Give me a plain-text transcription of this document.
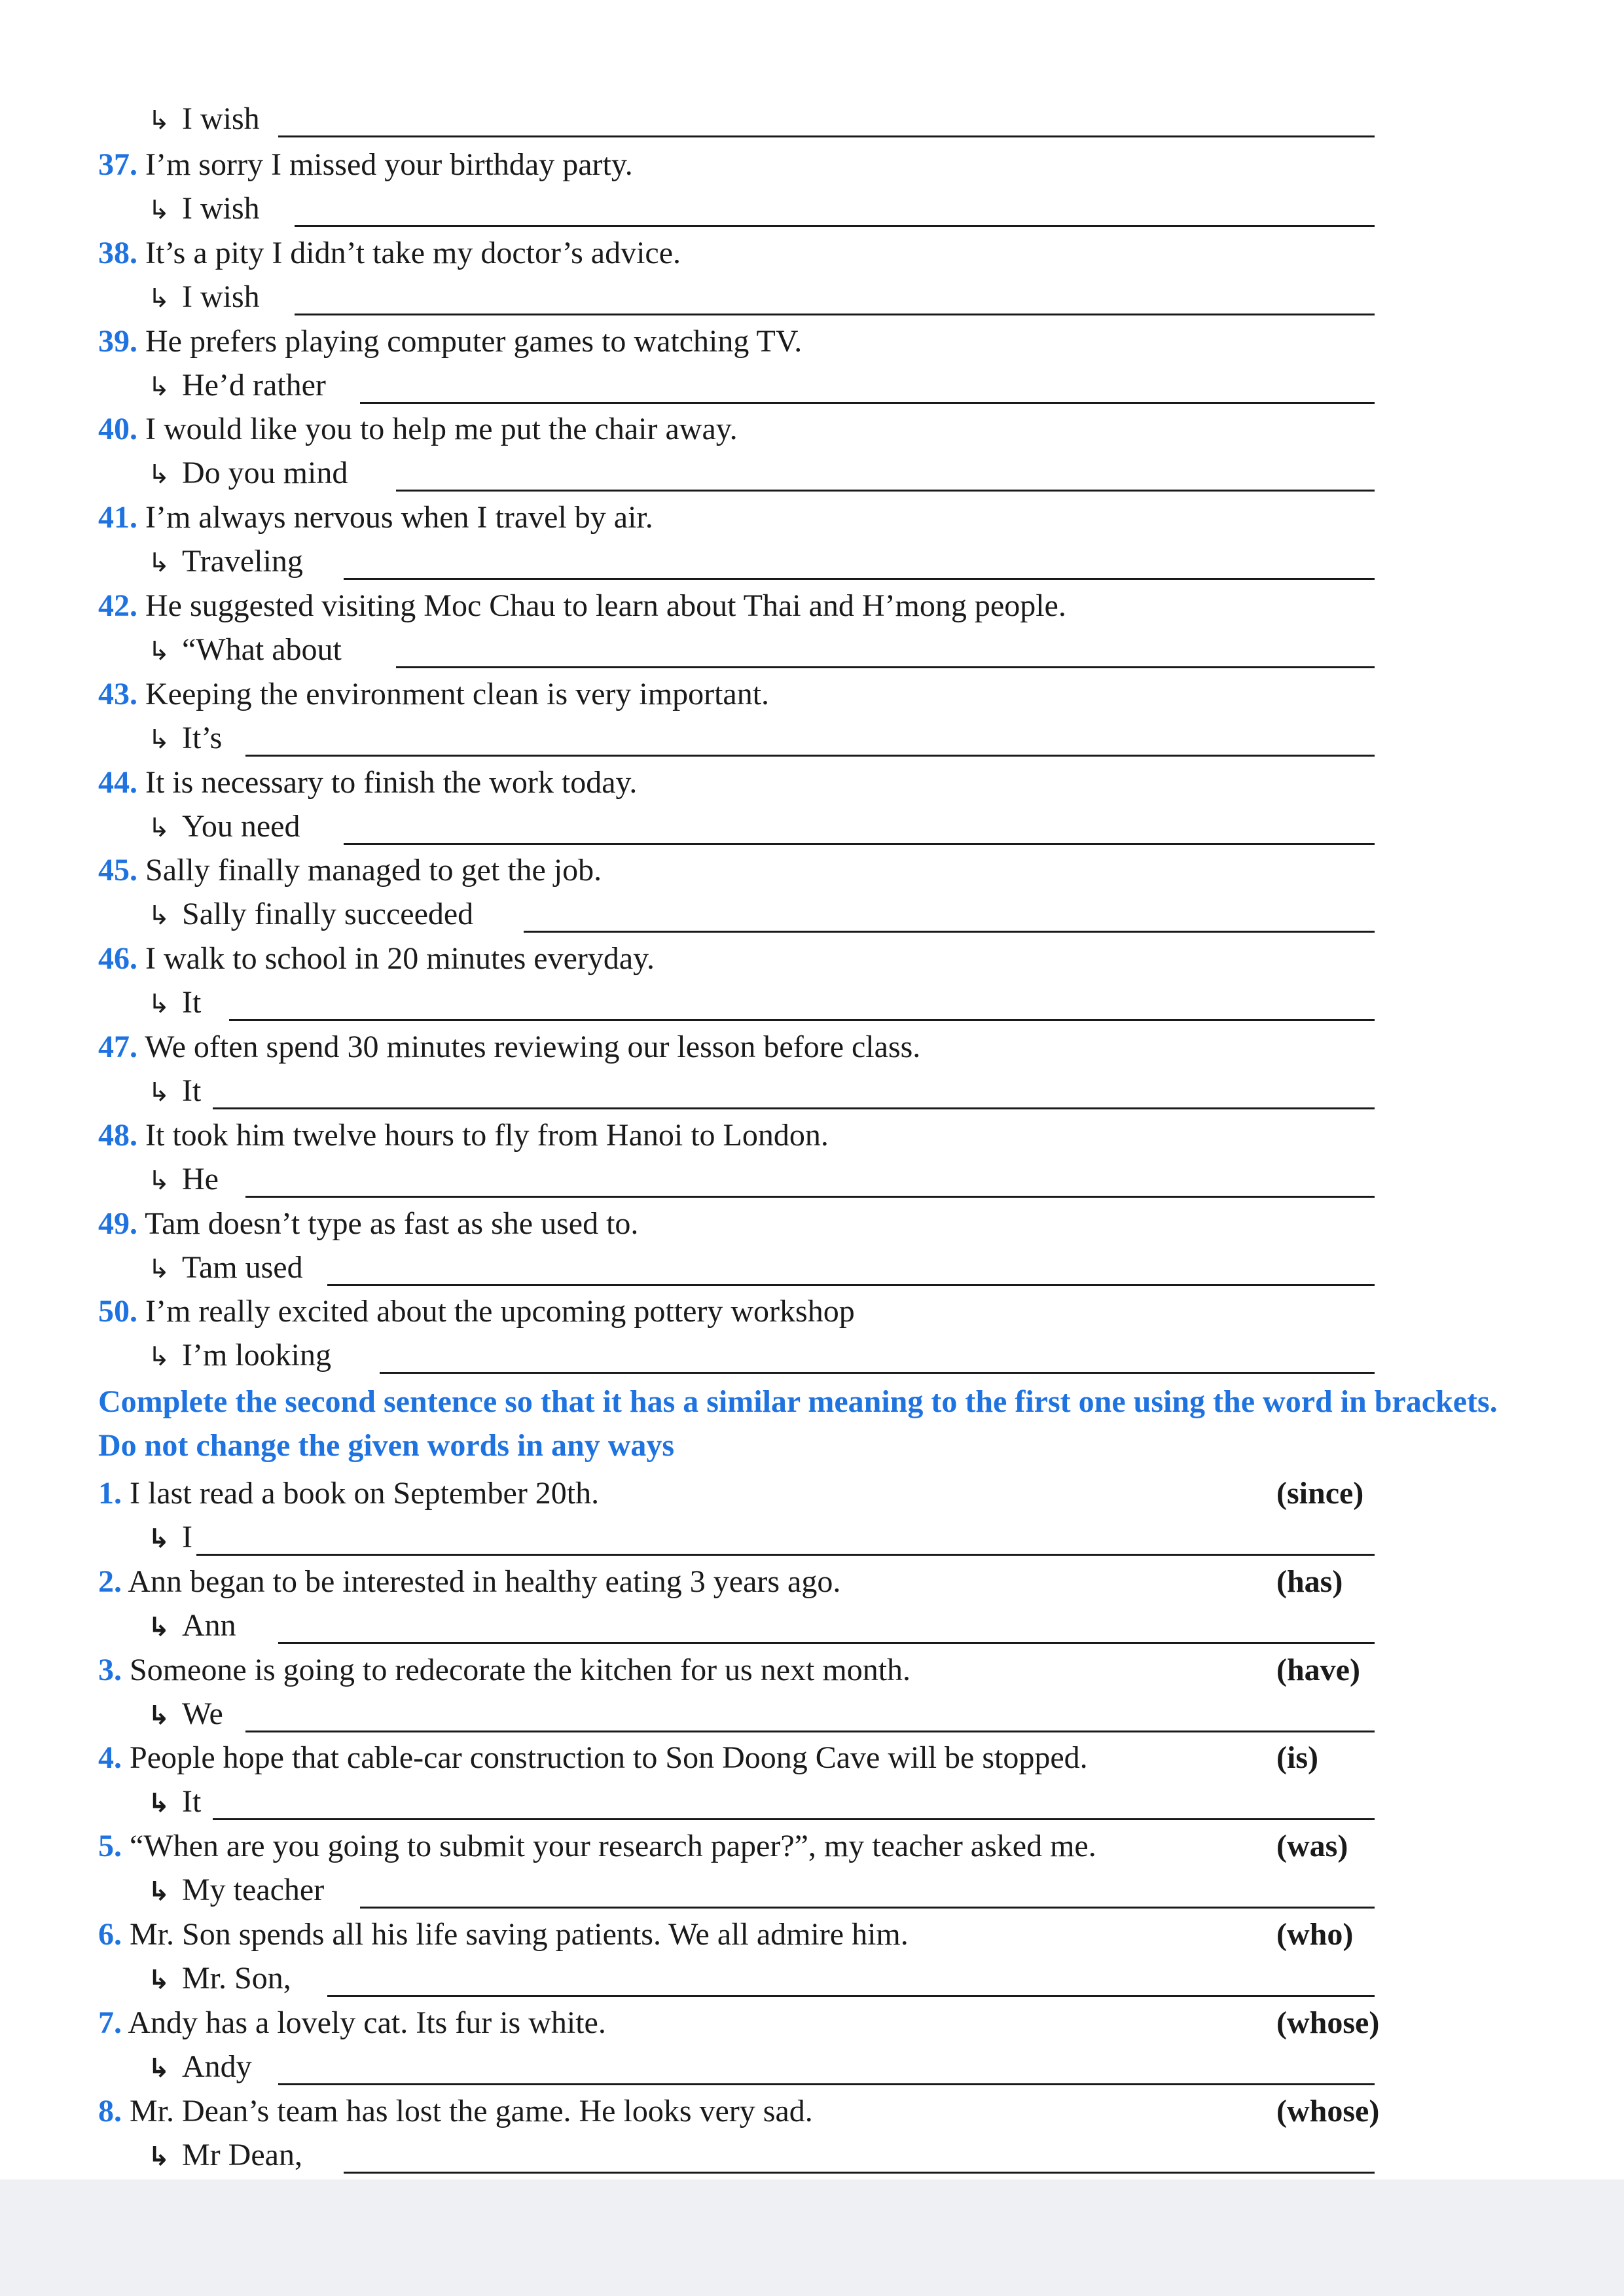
↳ I wish
37. I’m sorry I missed your birthday party.
↳ I wish
38. It’s a pity I didn’t take my doctor’s advice.
↳ I wish
39. He prefers playing computer games to watching TV.
↳ He’d rather
40. I would like you to help me put the chair away.
↳ Do you mind
41. I’m always nervous when I travel by air.
↳ Traveling
42. He suggested visiting Moc Chau to learn about Thai and H’mong people.
↳ “What about
43. Keeping the environment clean is very important.
↳ It’s
44. It is necessary to finish the work today.
↳ You need
45. Sally finally managed to get the job.
↳ Sally finally succeeded
46. I walk to school in 20 minutes everyday.
↳ It
47. We often spend 30 minutes reviewing our lesson before class.
↳ It
48. It took him twelve hours to fly from Hanoi to London.
↳ He
49. Tam doesn’t type as fast as she used to.
↳ Tam used
50. I’m really excited about the upcoming pottery workshop
↳ I’m looking
Complete the second sentence so that it has a similar meaning to the first one using the word in brackets. Do not change the given words in any ways
1. I last read a book on September 20th.	(since)
↳ I
2. Ann began to be interested in healthy eating 3 years ago.	(has)
↳ Ann
3. Someone is going to redecorate the kitchen for us next month.	(have)
↳ We
4. People hope that cable-car construction to Son Doong Cave will be stopped.	(is)
↳ It
5. “When are you going to submit your research paper?”, my teacher asked me.	(was)
↳ My teacher
6. Mr. Son spends all his life saving patients. We all admire him.	(who)
↳ Mr. Son,
7. Andy has a lovely cat. Its fur is white.	(whose)
↳ Andy
8. Mr. Dean’s team has lost the game. He looks very sad.	(whose)
↳ Mr Dean,
